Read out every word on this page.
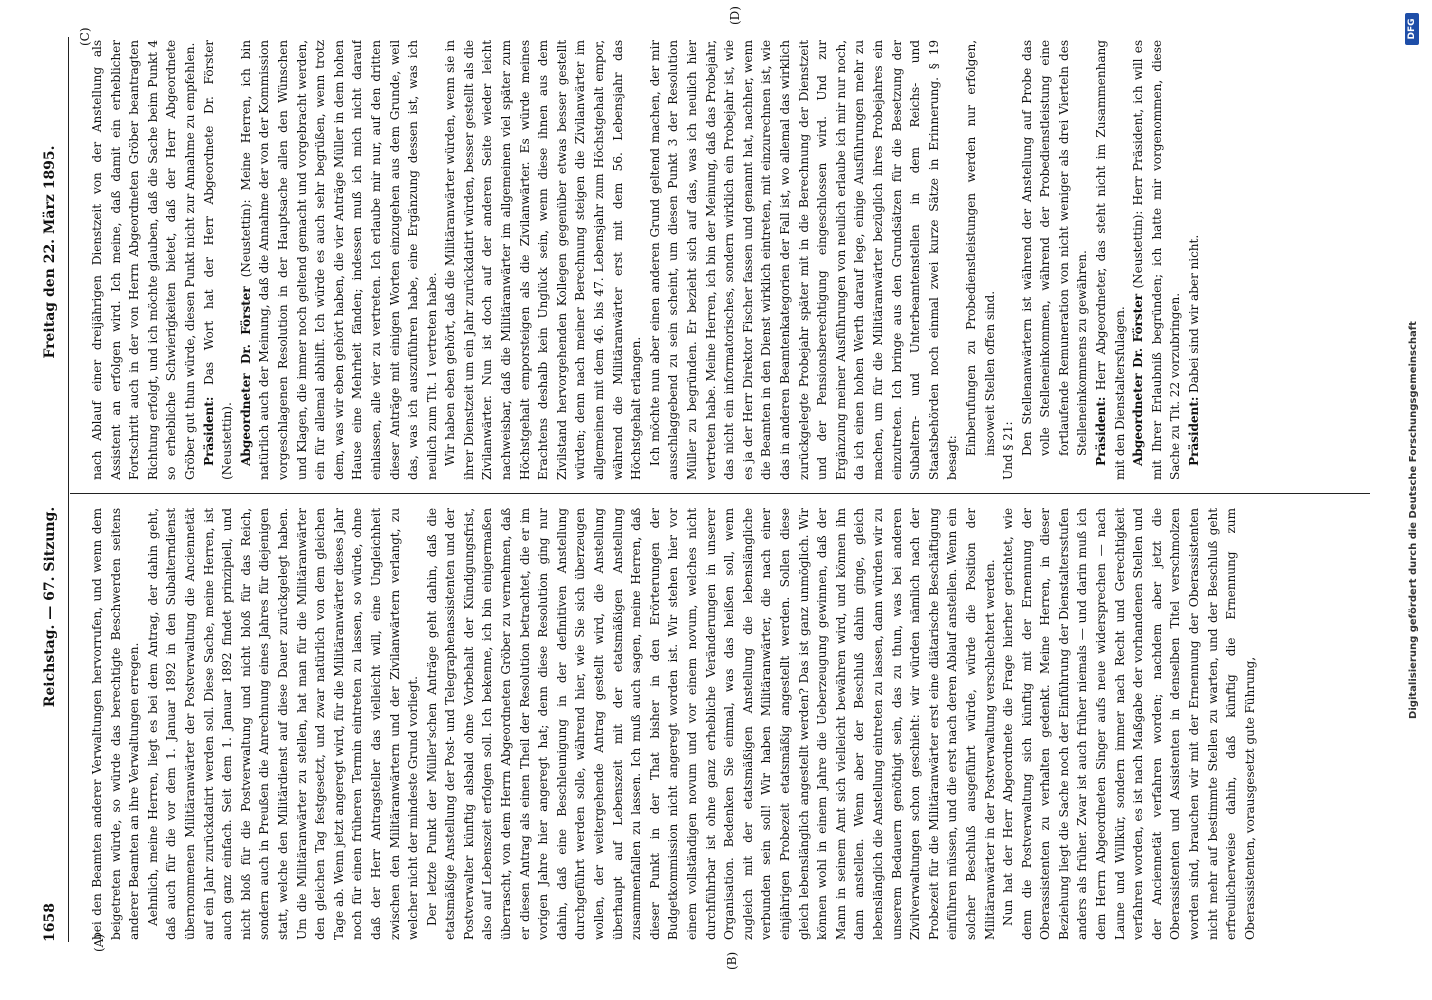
1658
Reichstag. — 67. Sitzung.
Freitag den 22. März 1895.
(A)
(B)
(C)
(D)

bei den Beamten anderer Verwaltungen hervorrufen, und wenn dem beigetreten würde, so würde das berechtigte Beschwerden seitens anderer Beamten an ihre Verwaltungen erregen. Aehnlich, meine Herren, liegt es bei dem Antrag, der dahin geht, daß auch für die vor dem 1. Januar 1892 in den Subalterndienst übernommenen Militäranwärter der Postverwaltung die Anciennetät auf ein Jahr zurückdatirt werden soll. Diese Sache, meine Herren, ist auch ganz einfach. Seit dem 1. Januar 1892 findet prinzipiell, und nicht bloß für die Postverwaltung und nicht bloß für das Reich, sondern auch in Preußen die Anrechnung eines Jahres für diejenigen statt, welche den Militärdienst auf diese Dauer zurückgelegt haben. Um die Militäranwärter zu stellen, hat man für die Militäranwärter den gleichen Tag festgesetzt, und zwar natürlich von dem gleichen Tage ab. Wenn jetzt angeregt wird, für die Militäranwärter dieses Jahr noch für einen früheren Termin eintreten zu lassen, so würde, ohne daß der Herr Antragsteller das vielleicht will, eine Ungleichheit zwischen den Militäranwärtern und der Zivilanwärtern verlangt, zu welcher nicht der mindeste Grund vorliegt. Der letzte Punkt der Müller'schen Anträge geht dahin, daß die etatsmäßige Anstellung der Post- und Telegraphenassistenten und der Postverwalter künftig alsbald ohne Vorbehalt der Kündigungsfrist, also auf Lebenszeit erfolgen soll. Ich bekenne, ich bin einigermaßen überrascht, von dem Herrn Abgeordneten Gröber zu vernehmen, daß er diesen Antrag als einen Theil der Resolution betrachtet, die er im vorigen Jahre hier angeregt hat; denn diese Resolution ging nur dahin, daß eine Beschleunigung in der definitiven Anstellung durchgeführt werden solle, während hier, wie Sie sich überzeugen wollen, der weitergehende Antrag gestellt wird, die Anstellung überhaupt auf Lebenszeit mit der etatsmäßigen Anstellung zusammenfallen zu lassen. Ich muß auch sagen, meine Herren, daß dieser Punkt in der That bisher in den Erörterungen der Budgetkommission nicht angeregt worden ist. Wir stehen hier vor einem vollständigen novum und vor einem novum, welches nicht durchführbar ist ohne ganz erhebliche Veränderungen in unserer Organisation. Bedenken Sie einmal, was das heißen soll, wenn zugleich mit der etatsmäßigen Anstellung die lebenslängliche verbunden sein soll! Wir haben Militäranwärter, die nach einer einjährigen Probezeit etatsmäßig angestellt werden. Sollen diese gleich lebenslänglich angestellt werden? Das ist ganz unmöglich. Wir können wohl in einem Jahre die Ueberzeugung gewinnen, daß der Mann in seinem Amt sich vielleicht bewähren wird, und können ihn dann anstellen. Wenn aber der Beschluß dahin ginge, gleich lebenslänglich die Anstellung eintreten zu lassen, dann würden wir zu unserem Bedauern genöthigt sein, das zu thun, was bei anderen Zivilverwaltungen schon geschieht: wir würden nämlich nach der Probezeit für die Militäranwärter erst eine diätarische Beschäftigung einführen müssen, und die erst nach deren Ablauf anstellen. Wenn ein solcher Beschluß ausgeführt würde, würde die Position der Militäranwärter in der Postverwaltung verschlechtert werden. Nun hat der Herr Abgeordnete die Frage hierher gerichtet, wie denn die Postverwaltung sich künftig mit der Ernennung der Oberassistenten zu verhalten gedenkt. Meine Herren, in dieser Beziehung liegt die Sache noch der Einführung der Dienstaltersstufen anders als früher. Zwar ist auch früher niemals — und darin muß ich dem Herrn Abgeordneten Singer aufs neue widersprechen — nach Laune und Willkür, sondern immer nach Recht und Gerechtigkeit verfahren worden, es ist nach Maßgabe der vorhandenen Stellen und der Anciennetät verfahren worden; nachdem aber jetzt die Oberassistenten und Assistenten in denselben Titel verschmolzen worden sind, brauchen wir mit der Ernennung der Oberassistenten nicht mehr auf bestimmte Stellen zu warten, und der Beschluß geht erfreulicherweise dahin, daß künftig die Ernennung zum Oberassistenten, vorausgesetzt gute Führung,

nach Ablauf einer dreijährigen Dienstzeit von der Anstellung als Assistent an erfolgen wird. Ich meine, daß damit ein erheblicher Fortschritt auch in der von Herrn Abgeordneten Gröber beantragten Richtung erfolgt, und ich möchte glauben, daß die Sache beim Punkt 4 so erhebliche Schwierigkeiten bietet, daß der Herr Abgeordnete Gröber gut thun würde, diesen Punkt nicht zur Annahme zu empfehlen. Präsident: Das Wort hat der Herr Abgeordnete Dr. Förster (Neustettin). Abgeordneter Dr. Förster (Neustettin): Meine Herren, ich bin natürlich auch der Meinung, daß die Annahme der von der Kommission vorgeschlagenen Resolution in der Hauptsache allen den Wünschen und Klagen, die immer noch geltend gemacht und vorgebracht werden, ein für allemal abhilft. Ich würde es auch sehr begrüßen, wenn trotz dem, was wir eben gehört haben, die vier Anträge Müller in dem hohen Hause eine Mehrheit fänden; indessen muß ich mich nicht darauf einlassen, alle vier zu vertreten. Ich erlaube mir nur, auf den dritten dieser Anträge mit einigen Worten einzugehen aus dem Grunde, weil das, was ich auszuführen habe, eine Ergänzung dessen ist, was ich neulich zum Tit. 1 vertreten habe. Wir haben eben gehört, daß die Militäranwärter würden, wenn sie in ihrer Dienstzeit um ein Jahr zurückdatirt würden, besser gestellt als die Zivilanwärter. Nun ist doch auf der anderen Seite wieder leicht nachweisbar, daß die Militäranwärter im allgemeinen viel später zum Höchstgehalt emporsteigen als die Zivilanwärter. Es würde meines Erachtens deshalb kein Unglück sein, wenn diese ihnen aus dem Zivilstand hervorgehenden Kollegen gegenüber etwas besser gestellt würden; denn nach meiner Berechnung steigen die Zivilanwärter im allgemeinen mit dem 46. bis 47. Lebensjahr zum Höchstgehalt empor, während die Militäranwärter erst mit dem 56. Lebensjahr das Höchstgehalt erlangen. Ich möchte nun aber einen anderen Grund geltend machen, der mir ausschlaggebend zu sein scheint, um diesen Punkt 3 der Resolution Müller zu begründen. Er bezieht sich auf das, was ich neulich hier vertreten habe. Meine Herren, ich bin der Meinung, daß das Probejahr, das nicht ein informatorisches, sondern wirklich ein Probejahr ist, wie es ja der Herr Direktor Fischer fassen und genannt hat, nachher, wenn die Beamten in den Dienst wirklich eintreten, mit einzurechnen ist, wie das in anderen Beamtenkategorien der Fall ist, wo allemal das wirklich zurückgelegte Probejahr später mit in die Berechnung der Dienstzeit und der Pensionsberechtigung eingeschlossen wird. Und zur Ergänzung meiner Ausführungen von neulich erlaube ich mir nur noch, da ich einen hohen Werth darauf lege, einige Ausführungen mehr zu machen, um für die Militäranwärter bezüglich ihres Probejahres ein einzutreten. Ich bringe aus den Grundsätzen für die Besetzung der Subaltern- und Unterbeamtenstellen in dem Reichs- und Staatsbehörden noch einmal zwei kurze Sätze in Erinnerung. § 19 besagt:

Einberufungen zu Probedienstleistungen werden nur erfolgen, insoweit Stellen offen sind. Und § 21: Den Stellenanwärtern ist während der Anstellung auf Probe das volle Stelleneinkommen, während der Probedienstleistung eine fortlaufende Remuneration von nicht weniger als drei Vierteln des Stelleneinkommens zu gewähren. Präsident: Herr Abgeordneter, das steht nicht im Zusammenhang mit den Dienstaltersfulagen. Abgeordneter Dr. Förster (Neustettin): Herr Präsident, ich will es mit Ihrer Erlaubniß begründen; ich hatte mir vorgenommen, diese Sache zu Tit. 22 vorzubringen. Präsident: Dabei sind wir aber nicht.

Digitalisierung gefördert durch die Deutsche Forschungsgemeinschaft
DFG
